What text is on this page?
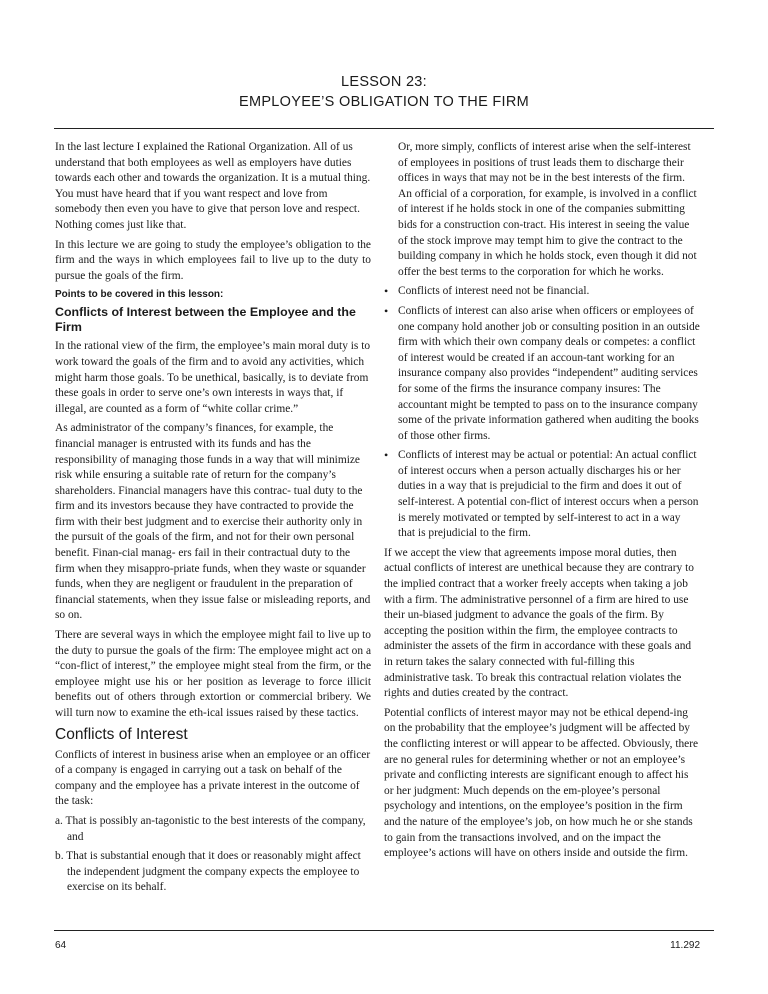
LESSON 23:
EMPLOYEE’S OBLIGATION TO THE FIRM

In the last lecture I explained the Rational Organization. All of us understand that both employees as well as employers have duties towards each other and towards the organization. It is a mutual thing. You must have heard that if you want respect and love from somebody then even you have to give that person love and respect. Nothing comes just like that.

In this lecture we are going to study the employee’s obligation to the firm and the ways in which employees fail to live up to the duty to pursue the goals of the firm.

Points to be covered in this lesson:

Conflicts of Interest between the Employee and the Firm

In the rational view of the firm, the employee’s main moral duty is to work toward the goals of the firm and to avoid any activities, which might harm those goals. To be unethical, basically, is to deviate from these goals in order to serve one’s own interests in ways that, if illegal, are counted as a form of “white collar crime.”

As administrator of the company’s finances, for example, the financial manager is entrusted with its funds and has the responsibility of managing those funds in a way that will minimize risk while ensuring a suitable rate of return for the company’s shareholders. Financial managers have this contrac- tual duty to the firm and its investors because they have contracted to provide the firm with their best judgment and to exercise their authority only in the pursuit of the goals of the firm, and not for their own personal benefit. Finan-cial manag- ers fail in their contractual duty to the firm when they misappro-priate funds, when they waste or squander funds, when they are negligent or fraudulent in the preparation of financial statements, when they issue false or misleading reports, and so on.

There are several ways in which the employee might fail to live up to the duty to pursue the goals of the firm: The employee might act on a “con-flict of interest,” the employee might steal from the firm, or the employee might use his or her position as leverage to force illicit benefits out of others through extortion or commercial bribery. We will turn now to examine the eth-ical issues raised by these tactics.

Conflicts of Interest

Conflicts of interest in business arise when an employee or an officer of a company is engaged in carrying out a task on behalf of the company and the employee has a private interest in the outcome of the task:

a. That is possibly an-tagonistic to the best interests of the company, and

b. That is substantial enough that it does or reasonably might affect the independent judgment the company expects the employee to exercise on its behalf.

Or, more simply, conflicts of interest arise when the self-interest of employees in positions of trust leads them to discharge their offices in ways that may not be in the best interests of the firm. An official of a corporation, for example, is involved in a conflict of interest if he holds stock in one of the companies submitting bids for a construction con-tract. His interest in seeing the value of the stock improve may tempt him to give the contract to the building company in which he holds stock, even though it did not offer the best terms to the corporation for which he works.

• Conflicts of interest need not be financial.
• Conflicts of interest can also arise when officers or employees of one company hold another job or consulting position in an outside firm with which their own company deals or competes: a conflict of interest would be created if an accoun-tant working for an insurance company also provides “independent” auditing services for some of the firms the insurance company insures: The accountant might be tempted to pass on to the insurance company some of the private information gathered when auditing the books of those other firms.
• Conflicts of interest may be actual or potential: An actual conflict of interest occurs when a person actually discharges his or her duties in a way that is prejudicial to the firm and does it out of self-interest. A potential con-flict of interest occurs when a person is merely motivated or tempted by self-interest to act in a way that is prejudicial to the firm.

If we accept the view that agreements impose moral duties, then actual conflicts of interest are unethical because they are contrary to the implied contract that a worker freely accepts when taking a job with a firm. The administrative personnel of a firm are hired to use their un-biased judgment to advance the goals of the firm. By accepting the position within the firm, the employee contracts to administer the assets of the firm in accordance with these goals and in return takes the salary connected with ful-filling this administrative task. To break this contractual relation violates the rights and duties created by the contract.

Potential conflicts of interest mayor may not be ethical depend-ing on the probability that the employee’s judgment will be affected by the conflicting interest or will appear to be affected. Obviously, there are no general rules for determining whether or not an employee’s private and conflicting interests are significant enough to affect his or her judgment: Much depends on the em-ployee’s personal psychology and intentions, on the employee’s position in the firm and the nature of the employee’s job, on how much he or she stands to gain from the transactions involved, and on the impact the employee’s actions will have on others inside and outside the firm.

64	11.292
